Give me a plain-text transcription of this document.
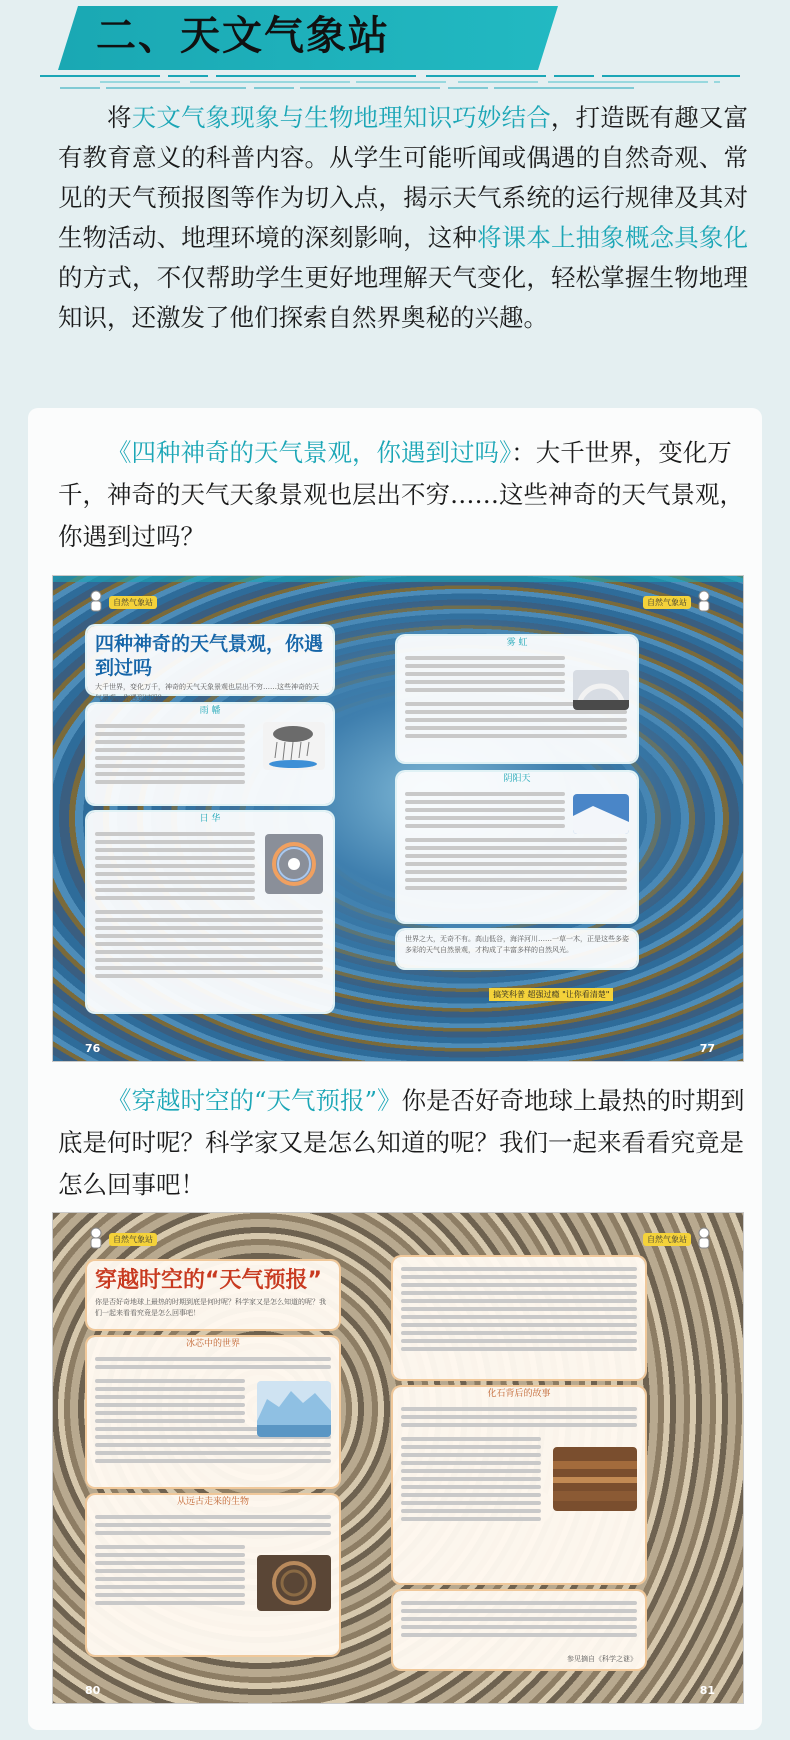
二、天文气象站

将天文气象现象与生物地理知识巧妙结合，打造既有趣又富有教育意义的科普内容。从学生可能听闻或偶遇的自然奇观、常见的天气预报图等作为切入点，揭示天气系统的运行规律及其对生物活动、地理环境的深刻影响，这种将课本上抽象概念具象化的方式，不仅帮助学生更好地理解天气变化，轻松掌握生物地理知识，还激发了他们探索自然界奥秘的兴趣。

《四种神奇的天气景观，你遇到过吗》：大千世界，变化万千，神奇的天气天象景观也层出不穷……这些神奇的天气景观，你遇到过吗？

自然气象站	自然气象站
四种神奇的天气景观，你遇到过吗
大千世界，变化万千，神奇的天气天象景观也层出不穷……这些神奇的天气景观，你遇到过吗？
雨 幡
日 华
雾 虹
阴阳天
世界之大，无奇不有。高山低谷，海洋河川……一草一木，正是这些多姿多彩的天气自然景观，才构成了丰富多样的自然风光。
搞笑科普 超强过瘾 "让你看清楚"
76	77

《穿越时空的“天气预报”》你是否好奇地球上最热的时期到底是何时呢？科学家又是怎么知道的呢？我们一起来看看究竟是怎么回事吧！

自然气象站	自然气象站
穿越时空的“天气预报”
你是否好奇地球上最热的时期到底是何时呢？科学家又是怎么知道的呢？我们一起来看看究竟是怎么回事吧！
冰芯中的世界
从远古走来的生物
化石背后的故事
参见摘自《科学之谜》
80	81
